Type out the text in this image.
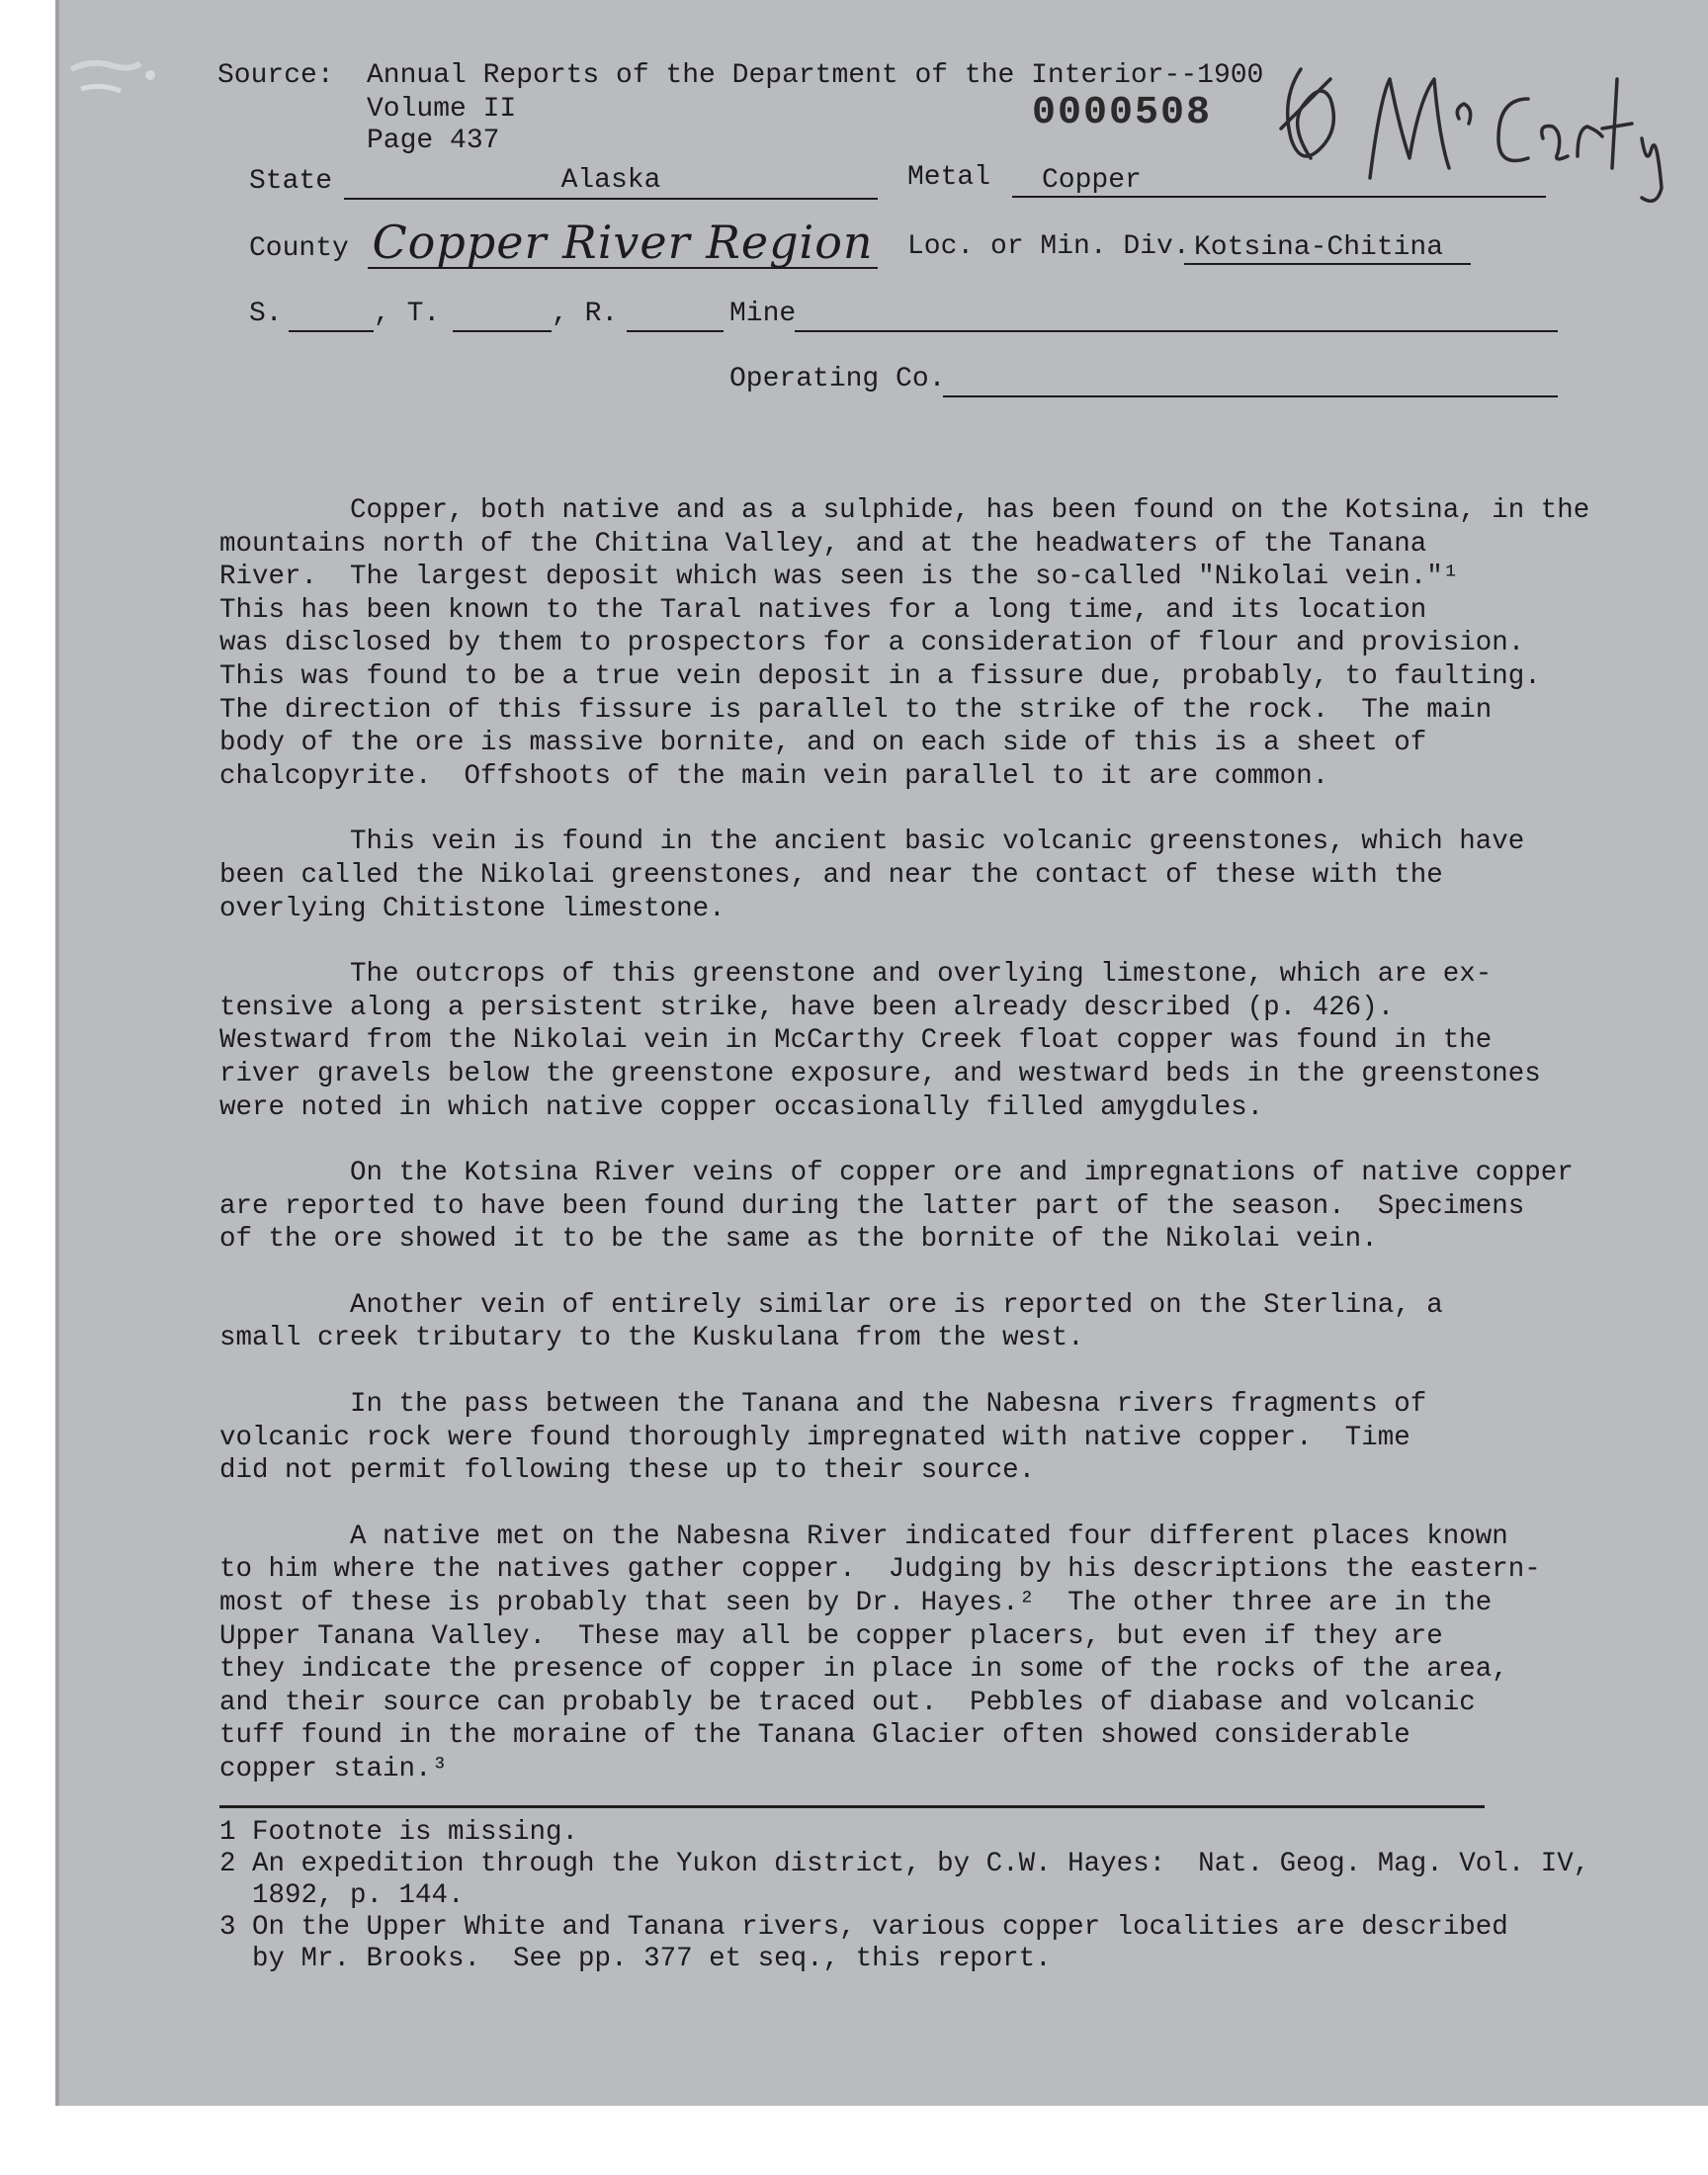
Source: Annual Reports of the Department of the Interior--1900
Volume II
Page 437
0000508
State	Alaska	Metal	Copper
County Copper River Region Loc. or Min. Div. Kotsina-Chitina
S.	, T.	, R.	Mine
Operating Co.
Copper, both native and as a sulphide, has been found on the Kotsina, in the
mountains north of the Chitina Valley, and at the headwaters of the Tanana
River.  The largest deposit which was seen is the so-called "Nikolai vein."¹
This has been known to the Taral natives for a long time, and its location
was disclosed by them to prospectors for a consideration of flour and provision.
This was found to be a true vein deposit in a fissure due, probably, to faulting.
The direction of this fissure is parallel to the strike of the rock.  The main
body of the ore is massive bornite, and on each side of this is a sheet of
chalcopyrite.  Offshoots of the main vein parallel to it are common.
This vein is found in the ancient basic volcanic greenstones, which have
been called the Nikolai greenstones, and near the contact of these with the
overlying Chitistone limestone.
The outcrops of this greenstone and overlying limestone, which are ex-
tensive along a persistent strike, have been already described (p. 426).
Westward from the Nikolai vein in McCarthy Creek float copper was found in the
river gravels below the greenstone exposure, and westward beds in the greenstones
were noted in which native copper occasionally filled amygdules.
On the Kotsina River veins of copper ore and impregnations of native copper
are reported to have been found during the latter part of the season.  Specimens
of the ore showed it to be the same as the bornite of the Nikolai vein.
Another vein of entirely similar ore is reported on the Sterlina, a
small creek tributary to the Kuskulana from the west.
In the pass between the Tanana and the Nabesna rivers fragments of
volcanic rock were found thoroughly impregnated with native copper.  Time
did not permit following these up to their source.
A native met on the Nabesna River indicated four different places known
to him where the natives gather copper.  Judging by his descriptions the eastern-
most of these is probably that seen by Dr. Hayes.²  The other three are in the
Upper Tanana Valley.  These may all be copper placers, but even if they are
they indicate the presence of copper in place in some of the rocks of the area,
and their source can probably be traced out.  Pebbles of diabase and volcanic
tuff found in the moraine of the Tanana Glacier often showed considerable
copper stain.³
1 Footnote is missing.
2 An expedition through the Yukon district, by C.W. Hayes:  Nat. Geog. Mag. Vol. IV,
1892, p. 144.
3 On the Upper White and Tanana rivers, various copper localities are described
by Mr. Brooks.  See pp. 377 et seq., this report.
